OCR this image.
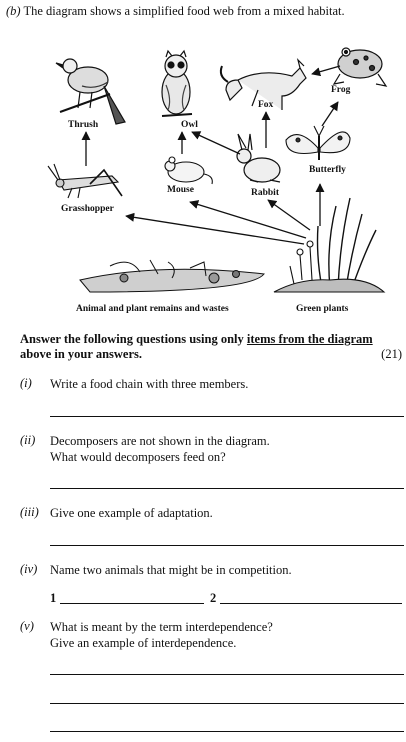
(b) The diagram shows a simplified food web from a mixed habitat.
Thrush	Owl
Fox
Frog
Butterfly
Rabbit
Mouse
Grasshopper
Animal and plant remains and wastes	Green plants
Answer the following questions using only items from the diagram above in your answers.	(21)
(i) Write a food chain with three members.
(ii) Decomposers are not shown in the diagram.
What would decomposers feed on?
(iii) Give one example of adaptation.
(iv) Name two animals that might be in competition.
1	2
(v) What is meant by the term interdependence?
Give an example of interdependence.
